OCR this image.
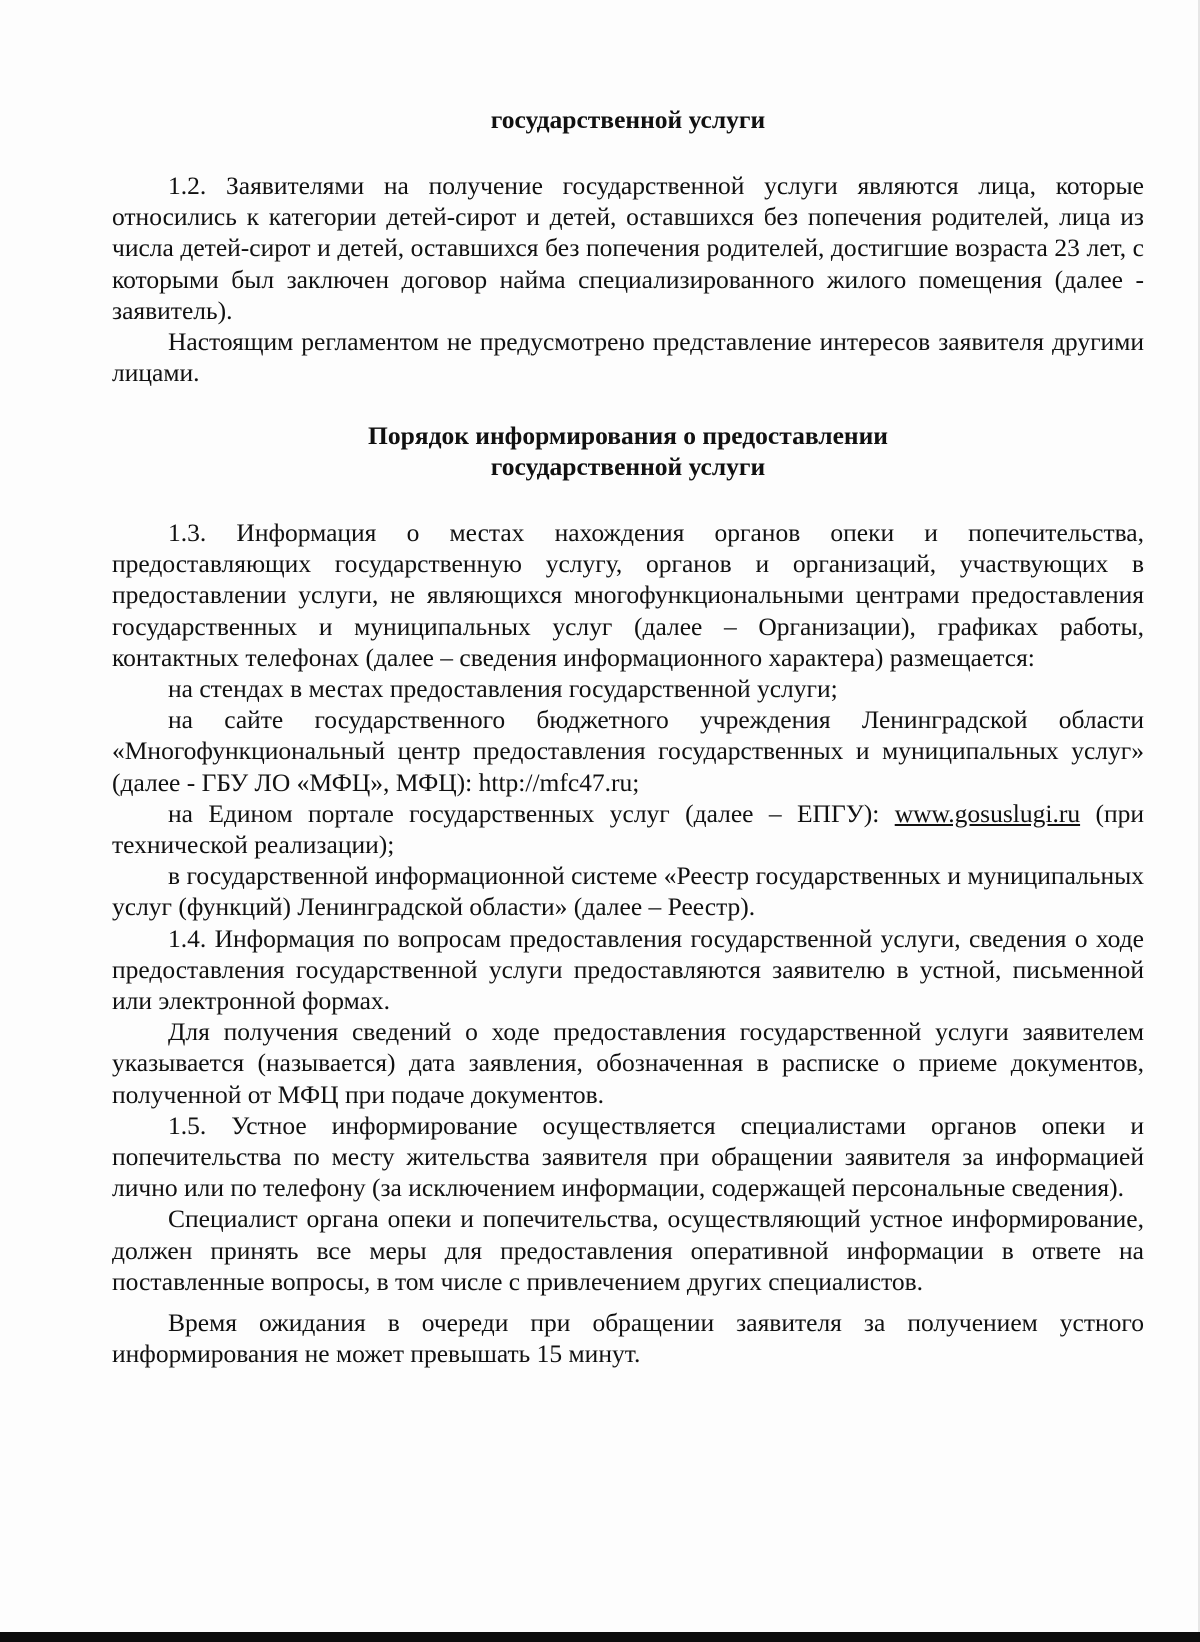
государственной услуги

1.2. Заявителями на получение государственной услуги являются лица, которые относились к категории детей-сирот и детей, оставшихся без попечения родителей, лица из числа детей-сирот и детей, оставшихся без попечения родителей, достигшие возраста 23 лет, с которыми был заключен договор найма специализированного жилого помещения (далее - заявитель).

Настоящим регламентом не предусмотрено представление интересов заявителя другими лицами.

Порядок информирования о предоставлении
государственной услуги

1.3. Информация о местах нахождения органов опеки и попечительства, предоставляющих государственную услугу, органов и организаций, участвующих в предоставлении услуги, не являющихся многофункциональными центрами предоставления государственных и муниципальных услуг (далее – Организации), графиках работы, контактных телефонах (далее – сведения информационного характера) размещается:

на стендах в местах предоставления государственной услуги;

на сайте государственного бюджетного учреждения Ленинградской области «Многофункциональный центр предоставления государственных и муниципальных услуг» (далее - ГБУ ЛО «МФЦ», МФЦ): http://mfc47.ru;

на Едином портале государственных услуг (далее – ЕПГУ): www.gosuslugi.ru (при технической реализации);

в государственной информационной системе «Реестр государственных и муниципальных услуг (функций) Ленинградской области» (далее – Реестр).

1.4. Информация по вопросам предоставления государственной услуги, сведения о ходе предоставления государственной услуги предоставляются заявителю в устной, письменной или электронной формах.

Для получения сведений о ходе предоставления государственной услуги заявителем указывается (называется) дата заявления, обозначенная в расписке о приеме документов, полученной от МФЦ при подаче документов.

1.5. Устное информирование осуществляется специалистами органов опеки и попечительства по месту жительства заявителя при обращении заявителя за информацией лично или по телефону (за исключением информации, содержащей персональные сведения).

Специалист органа опеки и попечительства, осуществляющий устное информирование, должен принять все меры для предоставления оперативной информации в ответе на поставленные вопросы, в том числе с привлечением других специалистов.

Время ожидания в очереди при обращении заявителя за получением устного информирования не может превышать 15 минут.
